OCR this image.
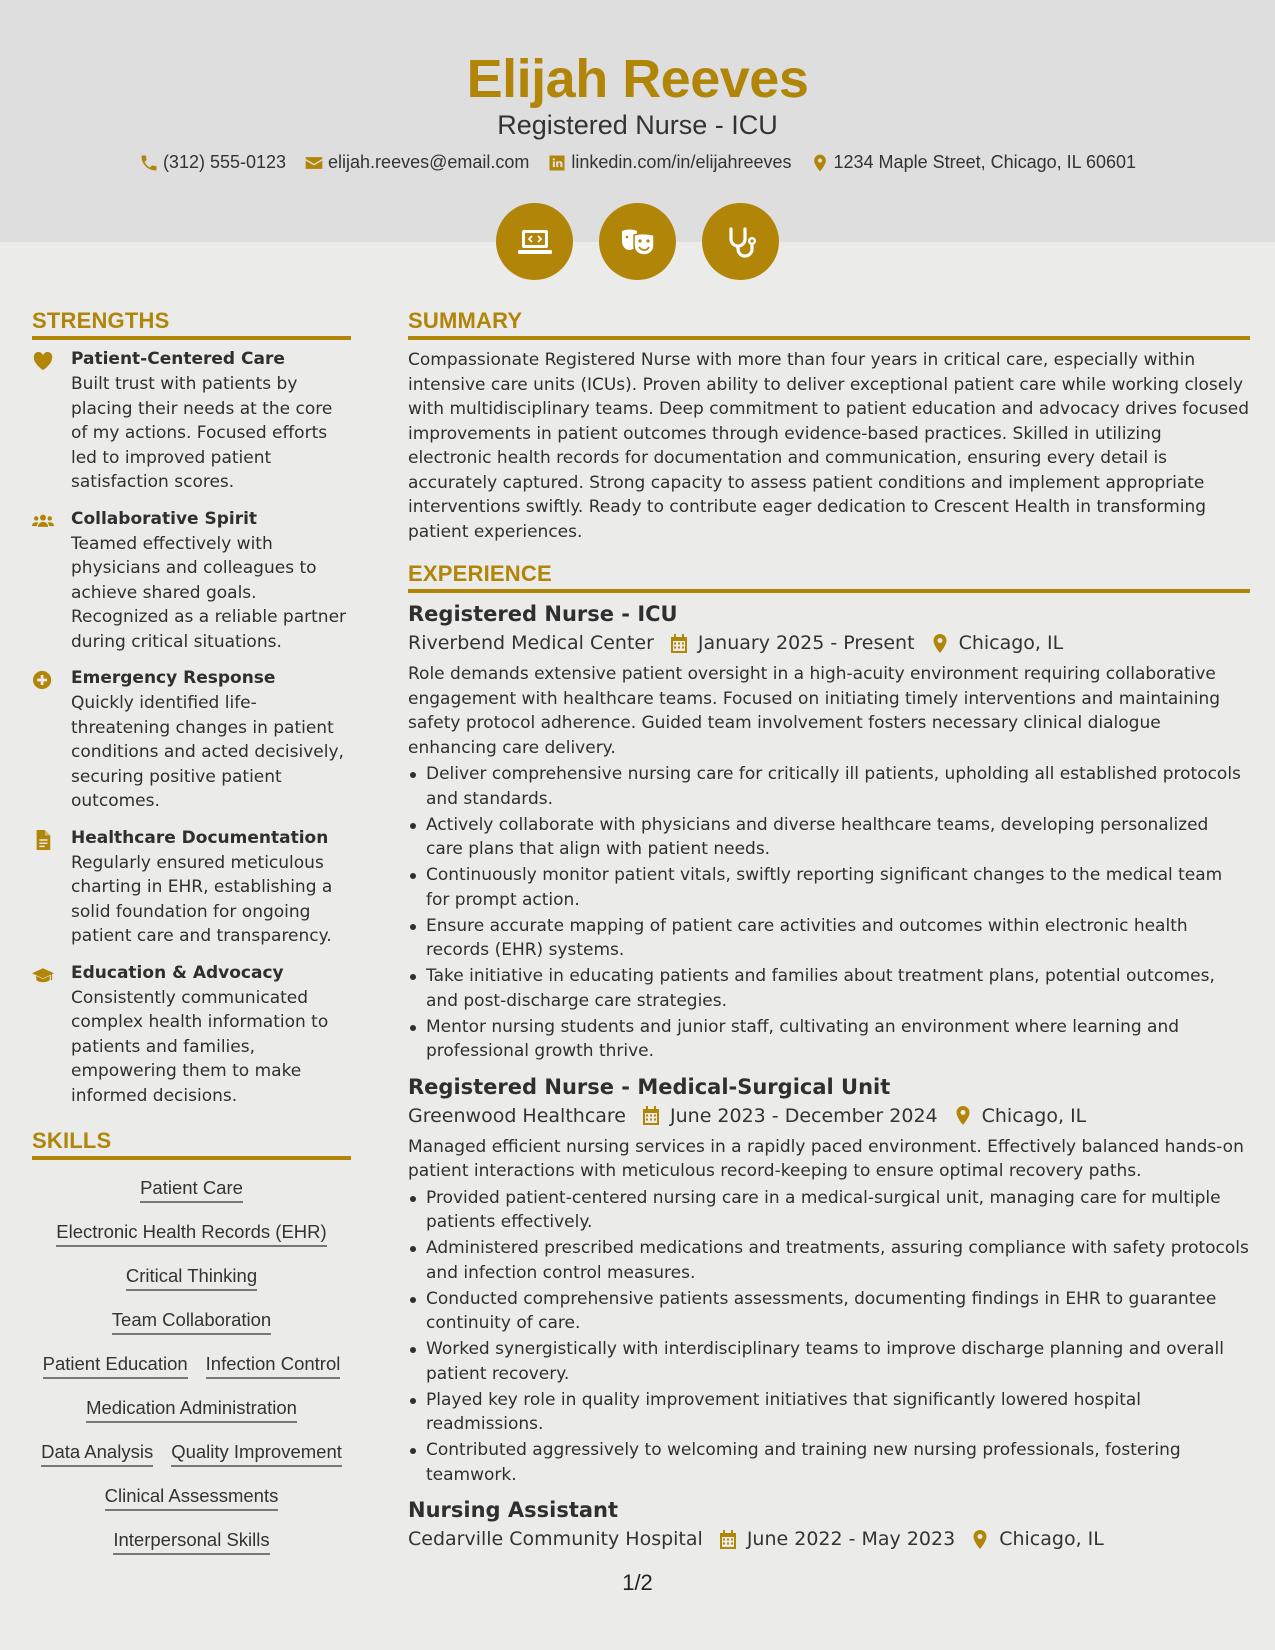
Elijah Reeves
Registered Nurse - ICU
(312) 555-0123 elijah.reeves@email.com linkedin.com/in/elijahreeves 1234 Maple Street, Chicago, IL 60601
STRENGTHS
Patient-Centered Care
Built trust with patients by placing their needs at the core of my actions. Focused efforts led to improved patient satisfaction scores.
Collaborative Spirit
Teamed effectively with physicians and colleagues to achieve shared goals. Recognized as a reliable partner during critical situations.
Emergency Response
Quickly identified life-threatening changes in patient conditions and acted decisively, securing positive patient outcomes.
Healthcare Documentation
Regularly ensured meticulous charting in EHR, establishing a solid foundation for ongoing patient care and transparency.
Education & Advocacy
Consistently communicated complex health information to patients and families, empowering them to make informed decisions.
SKILLS
Patient Care
Electronic Health Records (EHR)
Critical Thinking
Team Collaboration
Patient Education Infection Control
Medication Administration
Data Analysis Quality Improvement
Clinical Assessments
Interpersonal Skills
SUMMARY
Compassionate Registered Nurse with more than four years in critical care, especially within intensive care units (ICUs). Proven ability to deliver exceptional patient care while working closely with multidisciplinary teams. Deep commitment to patient education and advocacy drives focused improvements in patient outcomes through evidence-based practices. Skilled in utilizing electronic health records for documentation and communication, ensuring every detail is accurately captured. Strong capacity to assess patient conditions and implement appropriate interventions swiftly. Ready to contribute eager dedication to Crescent Health in transforming patient experiences.
EXPERIENCE
Registered Nurse - ICU
Riverbend Medical Center January 2025 - Present Chicago, IL
Role demands extensive patient oversight in a high-acuity environment requiring collaborative engagement with healthcare teams. Focused on initiating timely interventions and maintaining safety protocol adherence. Guided team involvement fosters necessary clinical dialogue enhancing care delivery.
Deliver comprehensive nursing care for critically ill patients, upholding all established protocols and standards.
Actively collaborate with physicians and diverse healthcare teams, developing personalized care plans that align with patient needs.
Continuously monitor patient vitals, swiftly reporting significant changes to the medical team for prompt action.
Ensure accurate mapping of patient care activities and outcomes within electronic health records (EHR) systems.
Take initiative in educating patients and families about treatment plans, potential outcomes, and post-discharge care strategies.
Mentor nursing students and junior staff, cultivating an environment where learning and professional growth thrive.
Registered Nurse - Medical-Surgical Unit
Greenwood Healthcare June 2023 - December 2024 Chicago, IL
Managed efficient nursing services in a rapidly paced environment. Effectively balanced hands-on patient interactions with meticulous record-keeping to ensure optimal recovery paths.
Provided patient-centered nursing care in a medical-surgical unit, managing care for multiple patients effectively.
Administered prescribed medications and treatments, assuring compliance with safety protocols and infection control measures.
Conducted comprehensive patients assessments, documenting findings in EHR to guarantee continuity of care.
Worked synergistically with interdisciplinary teams to improve discharge planning and overall patient recovery.
Played key role in quality improvement initiatives that significantly lowered hospital readmissions.
Contributed aggressively to welcoming and training new nursing professionals, fostering teamwork.
Nursing Assistant
Cedarville Community Hospital June 2022 - May 2023 Chicago, IL
1/2
